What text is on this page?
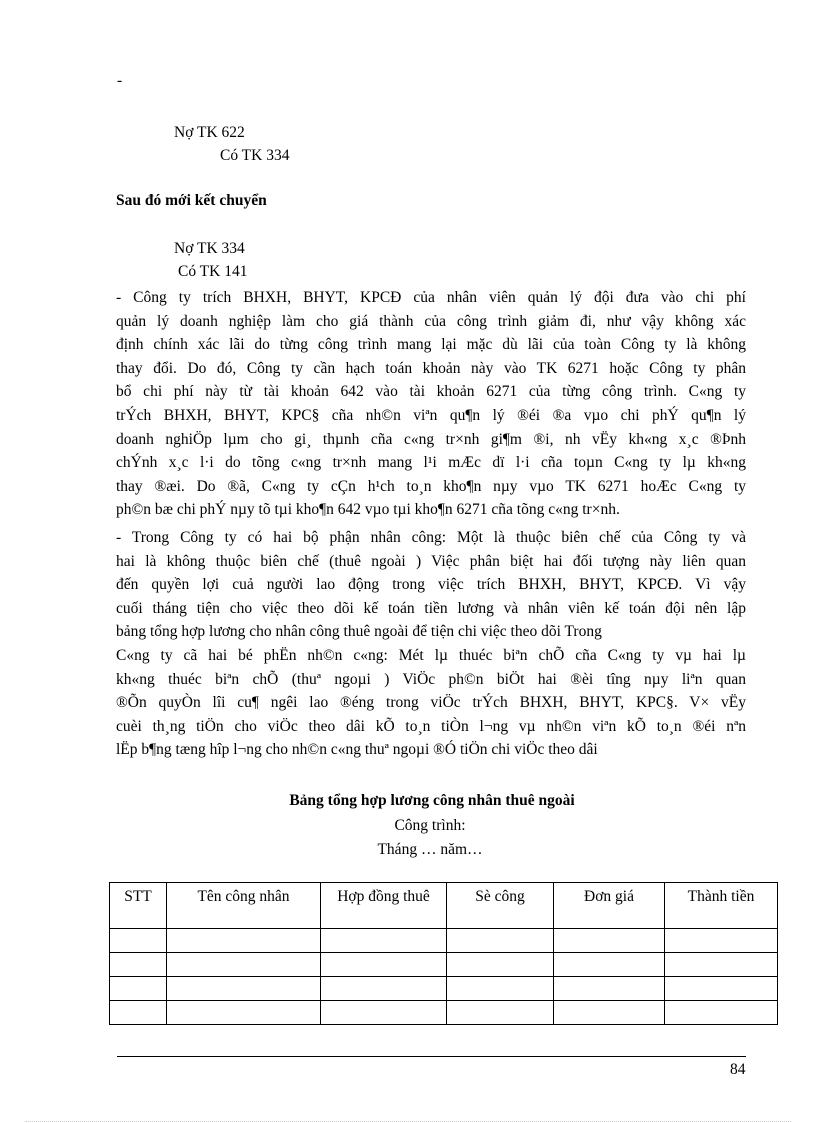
-
Nợ TK 622
Có TK 334
Sau đó mới kết chuyển
Nợ TK 334
Có TK 141
- Công ty trích BHXH, BHYT, KPCĐ của nhân viên quản lý đội đưa vào chi phí
quản lý doanh nghiệp làm cho giá thành của công trình giảm đi, như vậy không xác
định chính xác lãi do từng công trình mang lại mặc dù lãi của toàn Công ty là không
thay đổi. Do đó, Công ty cần hạch toán khoản này vào TK 6271 hoặc Công ty phân
bổ chi phí này từ tài khoản 642 vào tài khoản 6271 của từng công trình. C«ng ty
trÝch BHXH, BHYT, KPC§ cña nh©n viªn qu¶n lý ®éi ®a vµo chi phÝ qu¶n lý
doanh nghiÖp lµm cho gi¸ thµnh cña c«ng tr×nh gi¶m ®i, nh vËy kh«ng x¸c ®Þnh
chÝnh x¸c l·i do tõng c«ng tr×nh mang l¹i mÆc dï l·i cña toµn C«ng ty lµ kh«ng
thay ®æi. Do ®ã, C«ng ty cÇn h¹ch to¸n kho¶n nµy vµo TK 6271 hoÆc C«ng ty
ph©n bæ chi phÝ nµy tõ tµi kho¶n 642 vµo tµi kho¶n 6271 cña tõng c«ng tr×nh.
- Trong Công ty có hai bộ phận nhân công: Một là thuộc biên chế của Công ty và
hai là không thuộc biên chế (thuê ngoài ) Việc phân biệt hai đối tượng này liên quan
đến quyền lợi cuả người lao động trong việc trích BHXH, BHYT, KPCĐ. Vì vậy
cuối tháng tiện cho việc theo dõi kế toán tiền lương và nhân viên kế toán đội nên lập
bảng tổng hợp lương cho nhân công thuê ngoài để tiện chi việc theo dõi Trong
C«ng ty cã hai bé phËn nh©n c«ng: Mét lµ thuéc biªn chÕ cña C«ng ty vµ hai lµ
kh«ng thuéc biªn chÕ (thuª ngoµi ) ViÖc ph©n biÖt hai ®èi tîng nµy liªn quan
®Õn quyÒn lîi cu¶ ngêi lao ®éng trong viÖc trÝch BHXH, BHYT, KPC§. V× vËy
cuèi th¸ng tiÖn cho viÖc theo dâi kÕ to¸n tiÒn l¬ng vµ nh©n viªn kÕ to¸n ®éi nªn
lËp b¶ng tæng hîp l¬ng cho nh©n c«ng thuª ngoµi ®Ó tiÖn chi viÖc theo dâi
Bảng tổng hợp lương công nhân thuê ngoài
Công trình:
Tháng … năm…
STT	Tên công nhân	Hợp đồng thuê	Sè công	Đơn giá	Thành tiền

84
